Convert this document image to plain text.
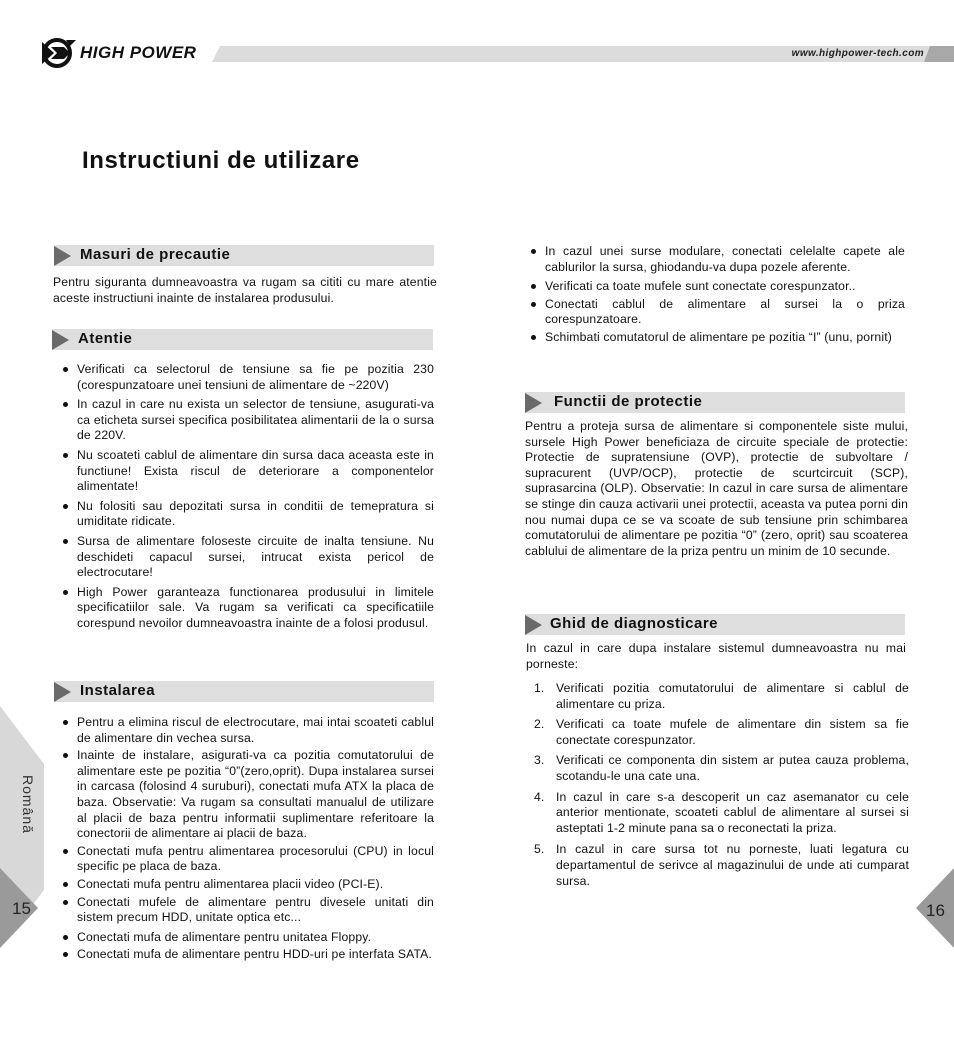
HIGH POWER	www.highpower-tech.com
Instructiuni de utilizare
Masuri de precautie
Pentru siguranta dumneavoastra va rugam sa cititi cu mare atentie aceste instructiuni inainte de instalarea produsului.
Atentie
Verificati ca selectorul de tensiune sa fie pe pozitia 230 (corespunzatoare unei tensiuni de alimentare de ~220V)
In cazul in care nu exista un selector de tensiune, asugurati-va ca eticheta sursei specifica posibilitatea alimentarii de la o sursa de 220V.
Nu scoateti cablul de alimentare din sursa daca aceasta este in functiune! Exista riscul de deteriorare a componentelor alimentate!
Nu folositi sau depozitati sursa in conditii de temepratura si umiditate ridicate.
Sursa de alimentare foloseste circuite de inalta tensiune. Nu deschideti capacul sursei, intrucat exista pericol de electrocutare!
High Power garanteaza functionarea produsului in limitele specificatiilor sale. Va rugam sa verificati ca specificatiile corespund nevoilor dumneavoastra inainte de a folosi produsul.
Instalarea
Pentru a elimina riscul de electrocutare, mai intai scoateti cablul de alimentare din vechea sursa.
Inainte de instalare, asigurati-va ca pozitia comutatorului de alimentare este pe pozitia “0”(zero,oprit). Dupa instalarea sursei in carcasa (folosind 4 suruburi), conectati mufa ATX la placa de baza. Observatie: Va rugam sa consultati manualul de utilizare al placii de baza pentru informatii suplimentare referitoare la conectorii de alimentare ai placii de baza.
Conectati mufa pentru alimentarea procesorului (CPU) in locul specific pe placa de baza.
Conectati mufa pentru alimentarea placii video (PCI-E).
Conectati mufele de alimentare pentru divesele unitati din sistem precum HDD, unitate optica etc...
Conectati mufa de alimentare pentru unitatea Floppy.
Conectati mufa de alimentare pentru HDD-uri pe interfata SATA.
In cazul unei surse modulare, conectati celelalte capete ale cablurilor la sursa, ghiodandu-va dupa pozele aferente.
Verificati ca toate mufele sunt conectate corespunzator..
Conectati cablul de alimentare al sursei la o priza corespunzatoare.
Schimbati comutatorul de alimentare pe pozitia “I” (unu, pornit)
Functii de protectie
Pentru a proteja sursa de alimentare si componentele siste mului, sursele High Power beneficiaza de circuite speciale de protectie: Protectie de supratensiune (OVP), protectie de subvoltare / supracurent (UVP/OCP), protectie de scurtcircuit (SCP), suprasarcina (OLP). Observatie: In cazul in care sursa de alimentare se stinge din cauza activarii unei protectii, aceasta va putea porni din nou numai dupa ce se va scoate de sub tensiune prin schimbarea comutatorului de alimentare pe pozitia “0” (zero, oprit) sau scoaterea cablului de alimentare de la priza pentru un minim de 10 secunde.
Ghid de diagnosticare
In cazul in care dupa instalare sistemul dumneavoastra nu mai porneste:
1. Verificati pozitia comutatorului de alimentare si cablul de alimentare cu priza.
2. Verificati ca toate mufele de alimentare din sistem sa fie conectate corespunzator.
3. Verificati ce componenta din sistem ar putea cauza problema, scotandu-le una cate una.
4. In cazul in care s-a descoperit un caz asemanator cu cele anterior mentionate, scoateti cablul de alimentare al sursei si asteptati 1-2 minute pana sa o reconectati la priza.
5. In cazul in care sursa tot nu porneste, luati legatura cu departamentul de serivce al magazinului de unde ati cumparat sursa.
Română
15	16
